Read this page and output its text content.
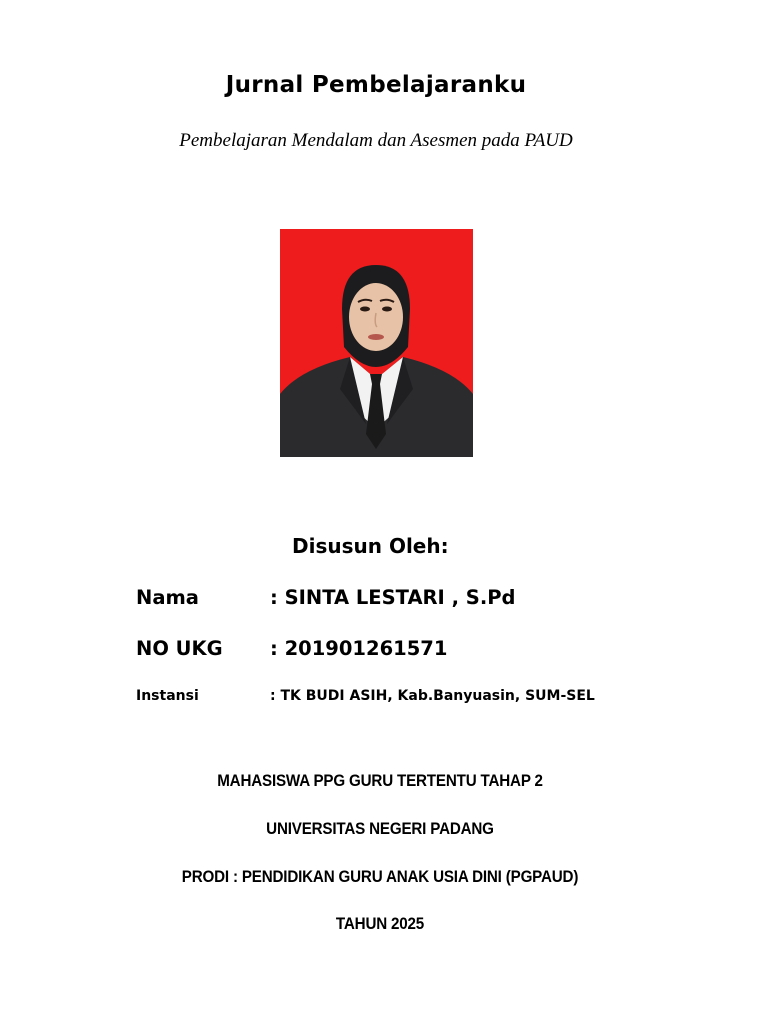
Jurnal Pembelajaranku
Pembelajaran Mendalam dan Asesmen pada PAUD
Disusun Oleh:
Nama	: SINTA LESTARI , S.Pd
NO UKG : 201901261571
Instansi	: TK BUDI ASIH, Kab.Banyuasin, SUM-SEL
MAHASISWA PPG GURU TERTENTU TAHAP 2
UNIVERSITAS NEGERI PADANG
PRODI : PENDIDIKAN GURU ANAK USIA DINI (PGPAUD)
TAHUN 2025
